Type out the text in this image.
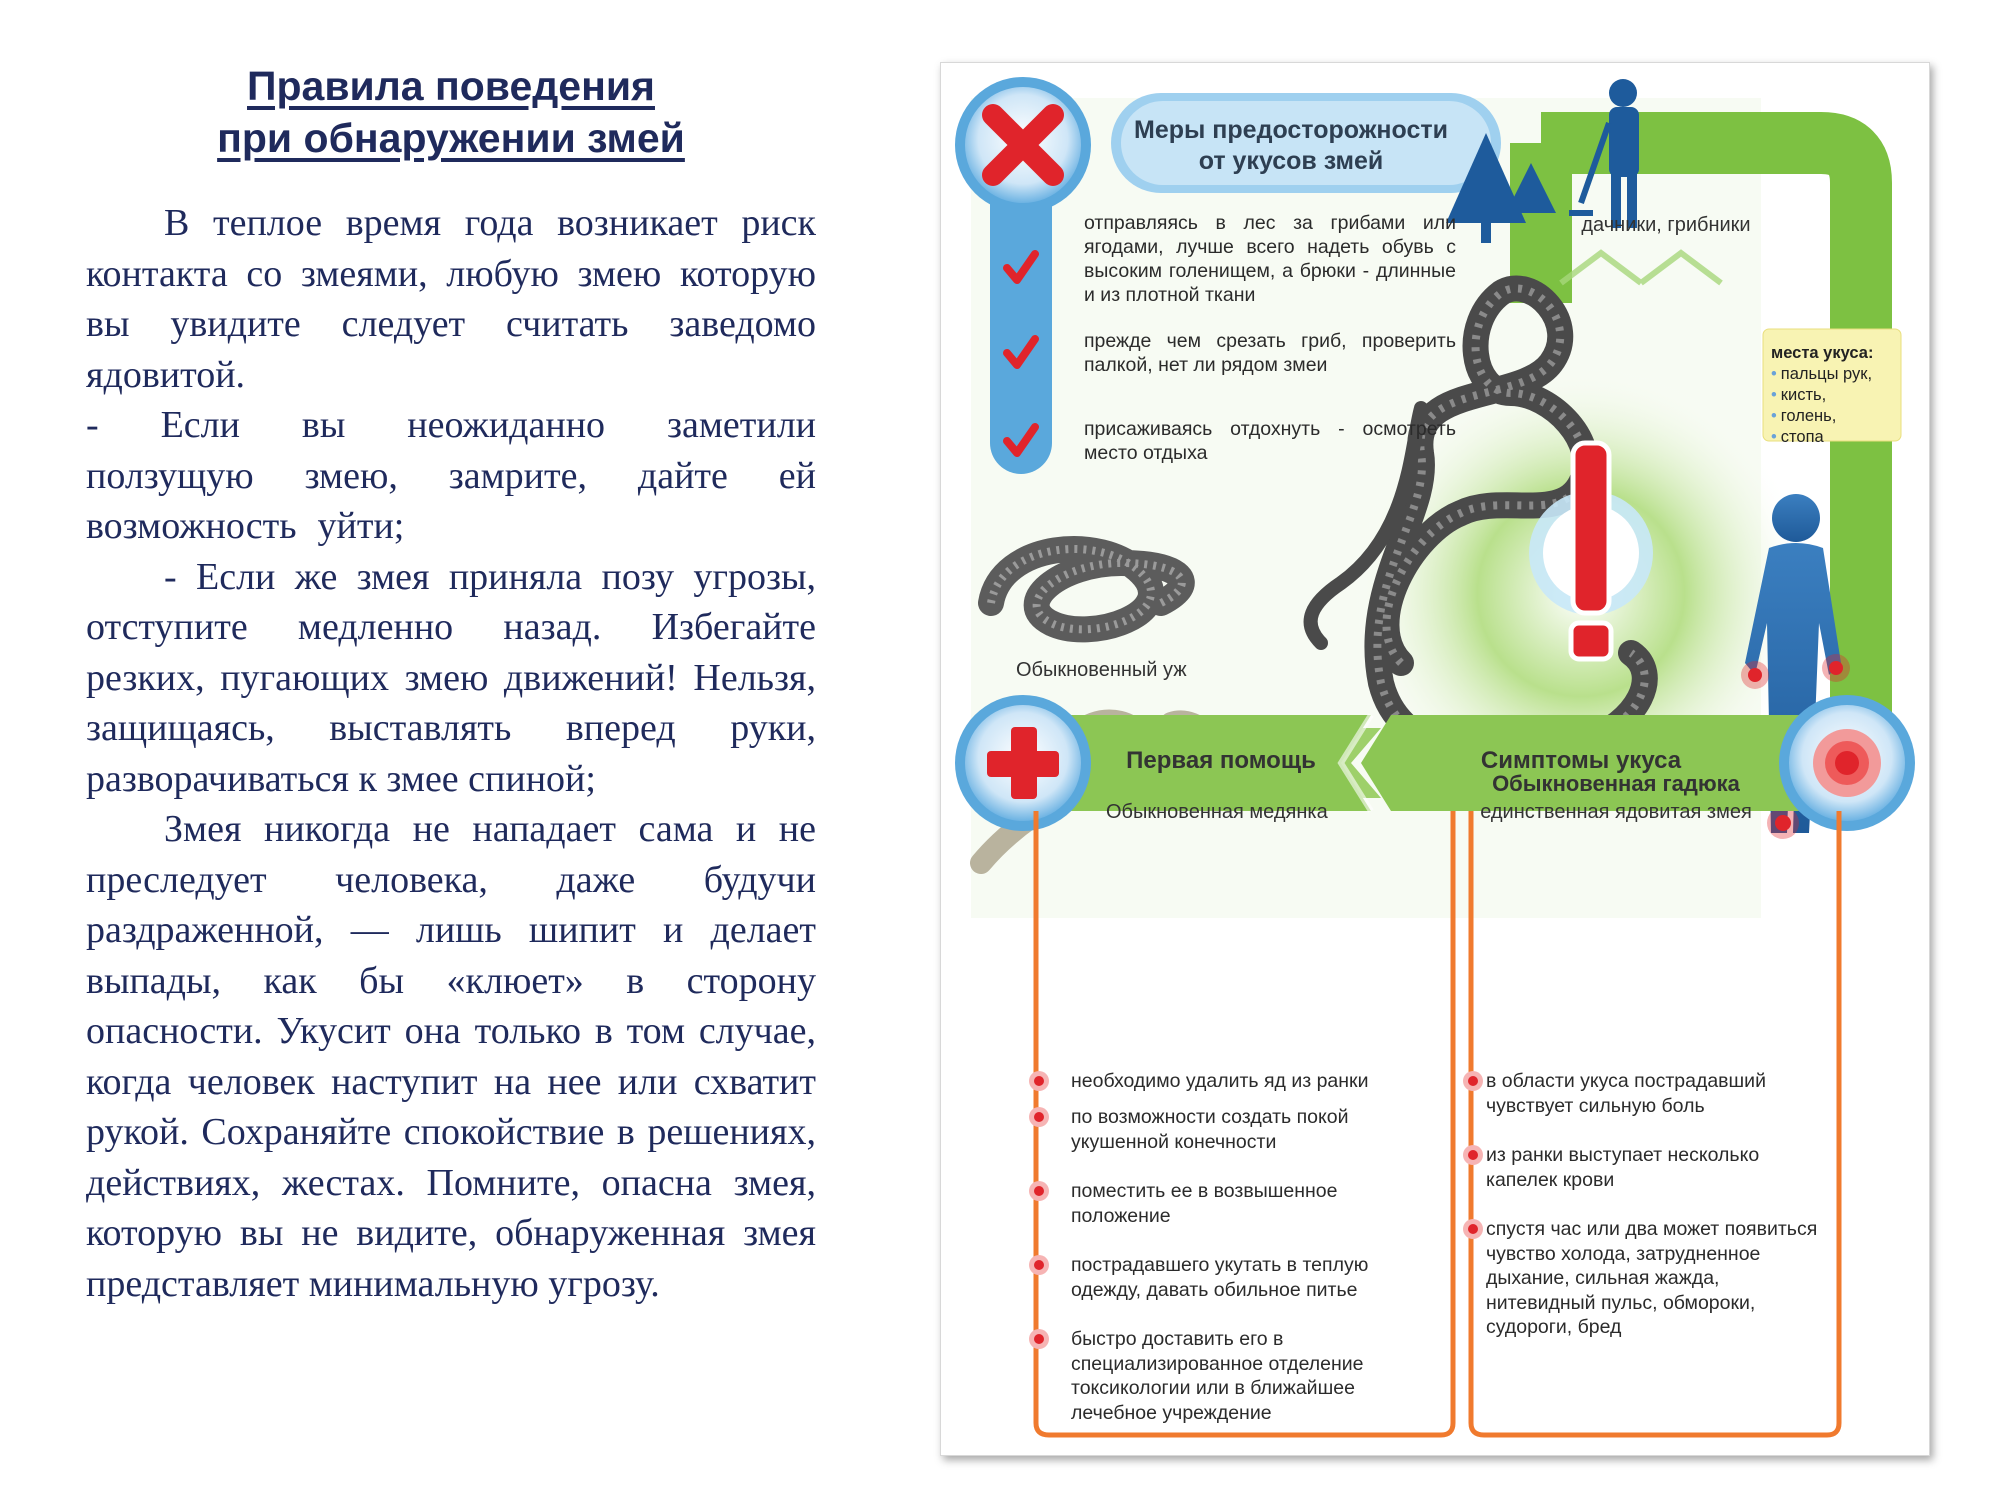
Правила поведения
при обнаружении змей

В теплое время года возникает риск контакта со змеями, любую змею которую вы увидите следует считать заведомо ядовитой.

- Если вы неожиданно заметили ползущую змею, замрите, дайте ей возможность уйти;

- Если же змея приняла позу угрозы, отступите медленно назад. Избегайте резких, пугающих змею движений! Нельзя, защищаясь, выставлять вперед руки, разворачиваться к змее спиной;

Змея никогда не нападает сама и не преследует человека, даже будучи раздраженной, — лишь шипит и делает выпады, как бы «клюет» в сторону опасности. Укусит она только в том случае, когда человек наступит на нее или схватит рукой. Сохраняйте спокойствие в решениях, действиях, жестах. Помните, опасна змея, которую вы не видите, обнаруженная змея представляет минимальную угрозу.

Меры предосторожности от укусов змей
отправляясь в лес за грибами или ягодами, лучше всего надеть обувь с высоким голенищем, а брюки - длинные и из плотной ткани
прежде чем срезать гриб, проверить палкой, нет ли рядом змеи
присаживаясь отдохнуть - осмотреть место отдыха
дачники, грибники
места укуса:
• пальцы рук,
• кисть,
• голень,
• стопа
Обыкновенный уж
Обыкновенная медянка
Обыкновенная гадюка
единственная ядовитая змея
Первая помощь	Симптомы укуса
необходимо удалить яд из ранки
по возможности создать покой укушенной конечности
поместить ее в возвышенное положение
пострадавшего укутать в теплую одежду, давать обильное питье
быстро доставить его в специализированное отделение токсикологии или в ближайшее лечебное учреждение
в области укуса пострадавший чувствует сильную боль
из ранки выступает несколько капелек крови
спустя час или два может появиться чувство холода, затрудненное дыхание, сильная жажда, нитевидный пульс, обмороки, судороги, бред
